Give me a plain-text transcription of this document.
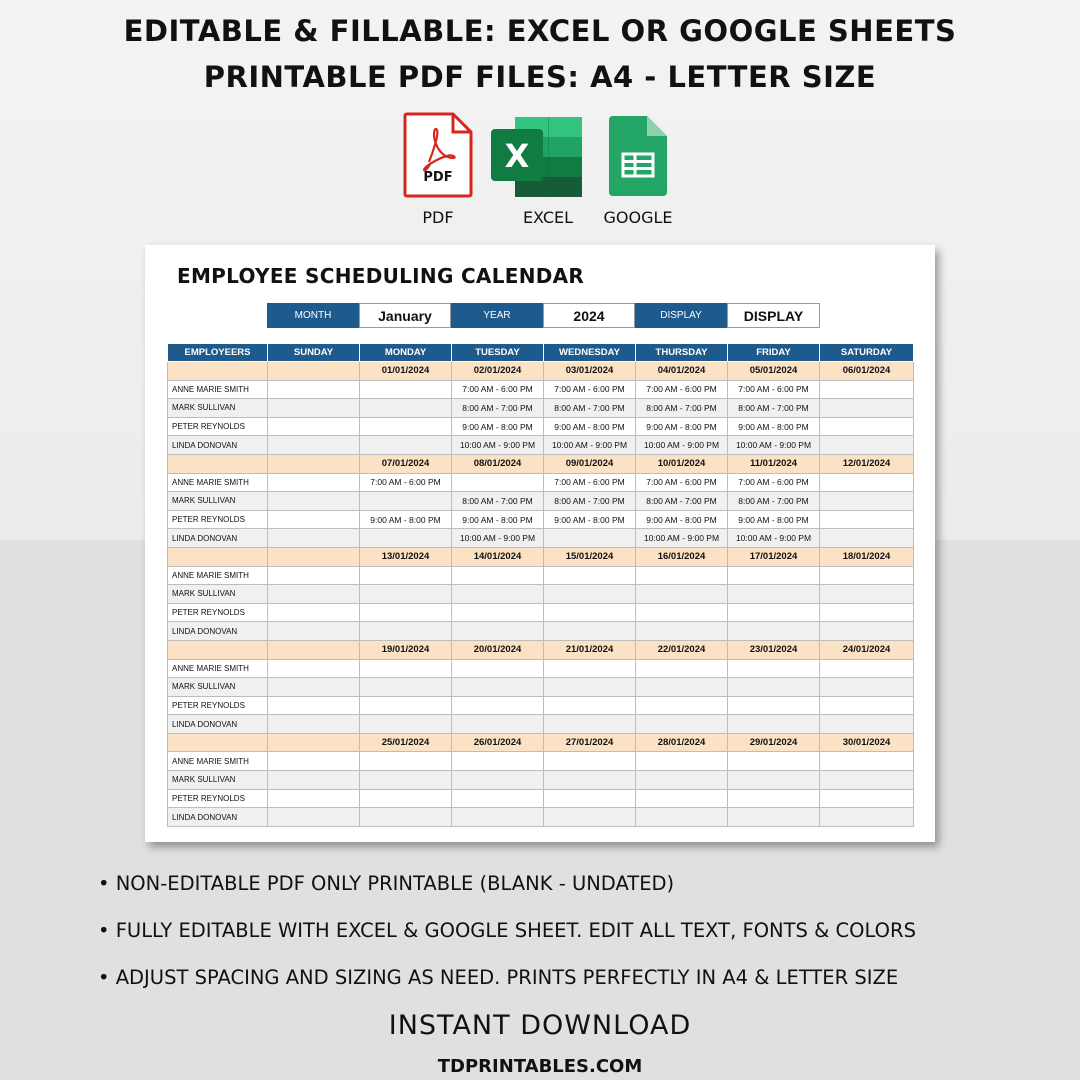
EDITABLE & FILLABLE: EXCEL OR GOOGLE SHEETS
PRINTABLE PDF FILES: A4 - LETTER SIZE
PDF
X
PDF	EXCEL	GOOGLE
EMPLOYEE SCHEDULING CALENDAR
MONTH	January	YEAR	2024	DISPLAY	DISPLAY
EMPLOYEERS	SUNDAY	MONDAY	TUESDAY	WEDNESDAY	THURSDAY	FRIDAY	SATURDAY
		01/01/2024	02/01/2024	03/01/2024	04/01/2024	05/01/2024	06/01/2024
ANNE MARIE SMITH			7:00 AM - 6:00 PM	7:00 AM - 6:00 PM	7:00 AM - 6:00 PM	7:00 AM - 6:00 PM	
MARK SULLIVAN			8:00 AM - 7:00 PM	8:00 AM - 7:00 PM	8:00 AM - 7:00 PM	8:00 AM - 7:00 PM	
PETER REYNOLDS			9:00 AM - 8:00 PM	9:00 AM - 8:00 PM	9:00 AM - 8:00 PM	9:00 AM - 8:00 PM	
LINDA DONOVAN			10:00 AM - 9:00 PM	10:00 AM - 9:00 PM	10:00 AM - 9:00 PM	10:00 AM - 9:00 PM	
		07/01/2024	08/01/2024	09/01/2024	10/01/2024	11/01/2024	12/01/2024
ANNE MARIE SMITH		7:00 AM - 6:00 PM		7:00 AM - 6:00 PM	7:00 AM - 6:00 PM	7:00 AM - 6:00 PM	
MARK SULLIVAN			8:00 AM - 7:00 PM	8:00 AM - 7:00 PM	8:00 AM - 7:00 PM	8:00 AM - 7:00 PM	
PETER REYNOLDS		9:00 AM - 8:00 PM	9:00 AM - 8:00 PM	9:00 AM - 8:00 PM	9:00 AM - 8:00 PM	9:00 AM - 8:00 PM	
LINDA DONOVAN			10:00 AM - 9:00 PM		10:00 AM - 9:00 PM	10:00 AM - 9:00 PM	
		13/01/2024	14/01/2024	15/01/2024	16/01/2024	17/01/2024	18/01/2024
ANNE MARIE SMITH							
MARK SULLIVAN							
PETER REYNOLDS							
LINDA DONOVAN							
		19/01/2024	20/01/2024	21/01/2024	22/01/2024	23/01/2024	24/01/2024
ANNE MARIE SMITH							
MARK SULLIVAN							
PETER REYNOLDS							
LINDA DONOVAN							
		25/01/2024	26/01/2024	27/01/2024	28/01/2024	29/01/2024	30/01/2024
ANNE MARIE SMITH							
MARK SULLIVAN							
PETER REYNOLDS							
LINDA DONOVAN							
• NON-EDITABLE PDF ONLY PRINTABLE (BLANK - UNDATED)
• FULLY EDITABLE WITH EXCEL & GOOGLE SHEET. EDIT ALL TEXT, FONTS & COLORS
• ADJUST SPACING AND SIZING AS NEED. PRINTS PERFECTLY IN A4 & LETTER SIZE
INSTANT DOWNLOAD
TDPRINTABLES.COM
